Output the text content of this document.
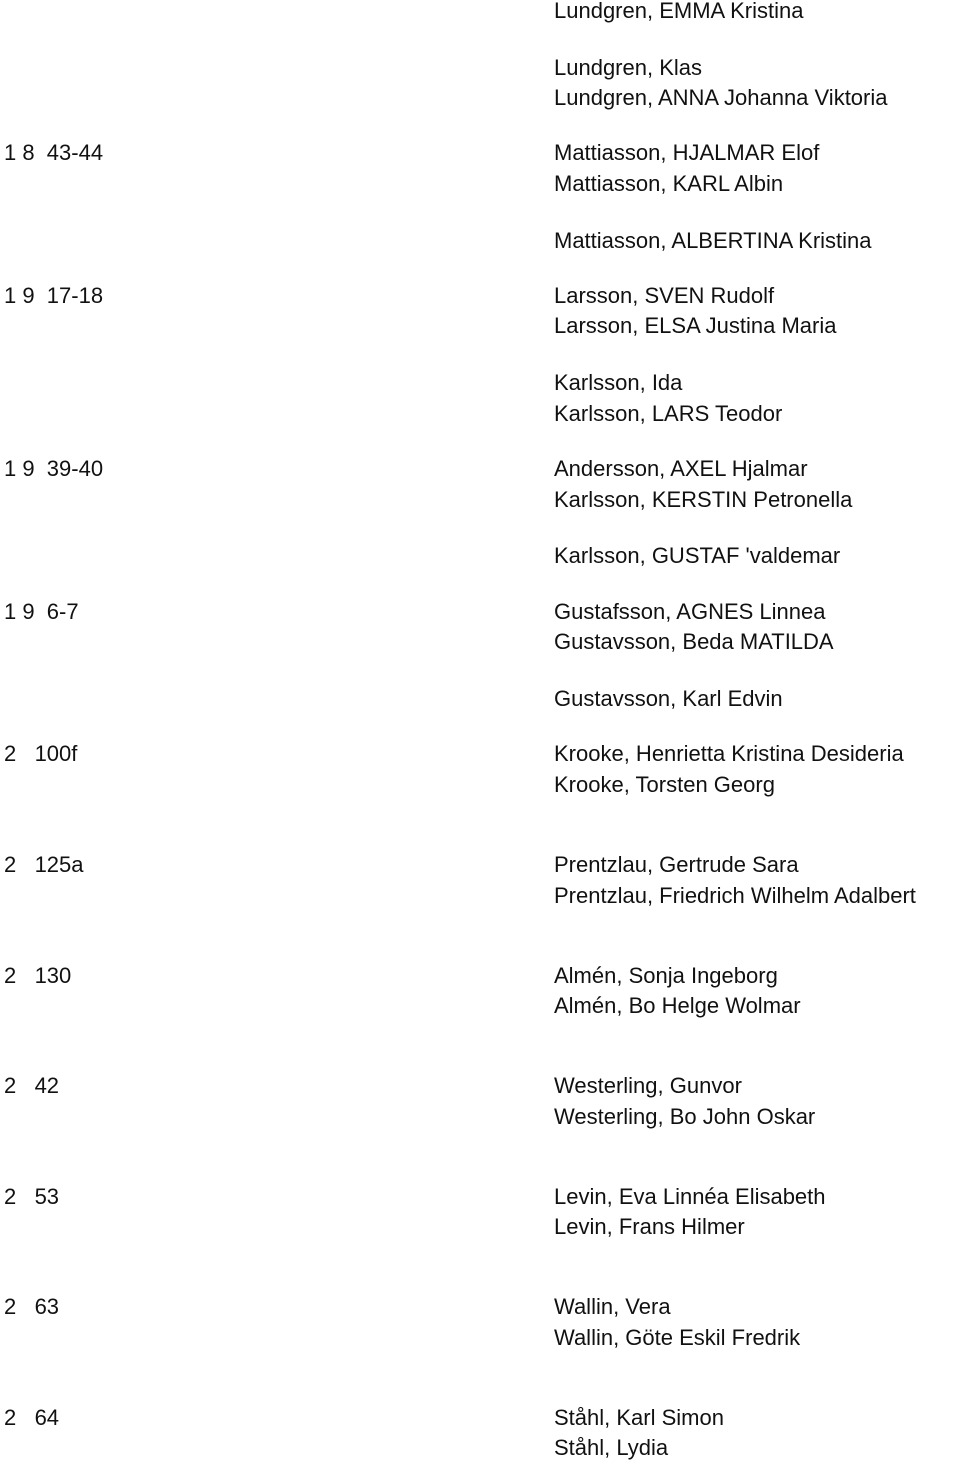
Lundgren, EMMA Kristina
Lundgren, Klas
Lundgren, ANNA Johanna Viktoria
1 8  43-44	Mattiasson, HJALMAR Elof
Mattiasson, KARL Albin
Mattiasson, ALBERTINA Kristina
1 9  17-18	Larsson, SVEN Rudolf
Larsson, ELSA Justina Maria
Karlsson, Ida
Karlsson, LARS Teodor
1 9  39-40	Andersson, AXEL Hjalmar
Karlsson, KERSTIN Petronella
Karlsson, GUSTAF 'valdemar
1 9  6-7	Gustafsson, AGNES Linnea
Gustavsson, Beda MATILDA
Gustavsson, Karl Edvin
2   100f	Krooke, Henrietta Kristina Desideria
Krooke, Torsten Georg
2   125a	Prentzlau, Gertrude Sara
Prentzlau, Friedrich Wilhelm Adalbert
2   130	Almén, Sonja Ingeborg
Almén, Bo Helge Wolmar
2   42	Westerling, Gunvor
Westerling, Bo John Oskar
2   53	Levin, Eva Linnéa Elisabeth
Levin, Frans Hilmer
2   63	Wallin, Vera
Wallin, Göte Eskil Fredrik
2   64	Ståhl, Karl Simon
Ståhl, Lydia
